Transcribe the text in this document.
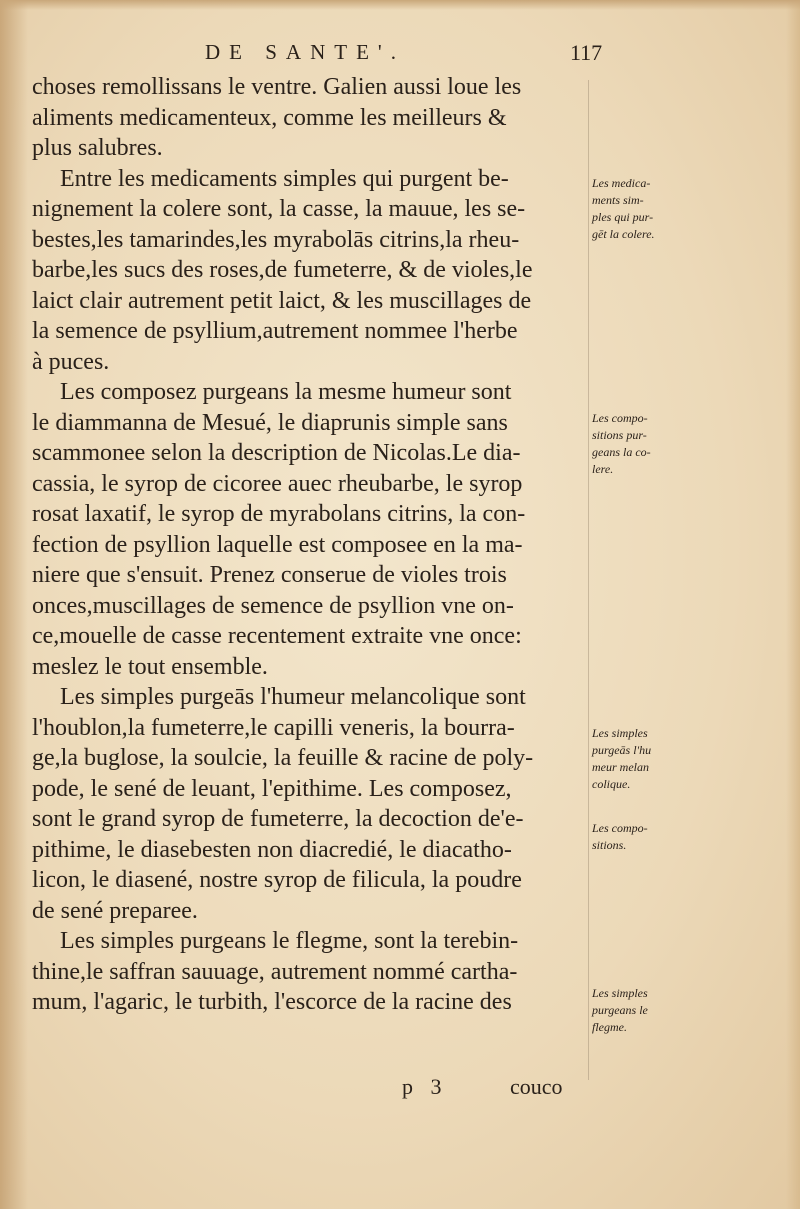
DE SANTE'.	117
choses remollissans le ventre. Galien aussi loue les
aliments medicamenteux, comme les meilleurs &
plus salubres.
Entre les medicaments simples qui purgent be-
nignement la colere sont, la casse, la mauue, les se-
bestes,les tamarindes,les myrabolās citrins,la rheu-
barbe,les sucs des roses,de fumeterre, & de violes,le
laict clair autrement petit laict, & les muscillages de
la semence de psyllium,autrement nommee l'herbe
à puces.
Les composez purgeans la mesme humeur sont
le diammanna de Mesué, le diaprunis simple sans
scammonee selon la description de Nicolas.Le dia-
cassia, le syrop de cicoree auec rheubarbe, le syrop
rosat laxatif, le syrop de myrabolans citrins, la con-
fection de psyllion laquelle est composee en la ma-
niere que s'ensuit. Prenez conserue de violes trois
onces,muscillages de semence de psyllion vne on-
ce,mouelle de casse recentement extraite vne once:
meslez le tout ensemble.
Les simples purgeās l'humeur melancolique sont
l'houblon,la fumeterre,le capilli veneris, la bourra-
ge,la buglose, la soulcie, la feuille & racine de poly-
pode, le sené de leuant, l'epithime. Les composez,
sont le grand syrop de fumeterre, la decoction de'e-
pithime, le diasebesten non diacredié, le diacatho-
licon, le diasené, nostre syrop de filicula, la poudre
de sené preparee.
Les simples purgeans le flegme, sont la terebin-
thine,le saffran sauuage, autrement nommé cartha-
mum, l'agaric, le turbith, l'escorce de la racine des
Les medica-
ments sim-
ples qui pur-
gēt la colere.
Les compo-
sitions pur-
geans la co-
lere.
Les simples
purgeās l'hu
meur melan
colique.
Les compo-
sitions.
Les simples
purgeans le
flegme.
p 3	couco
